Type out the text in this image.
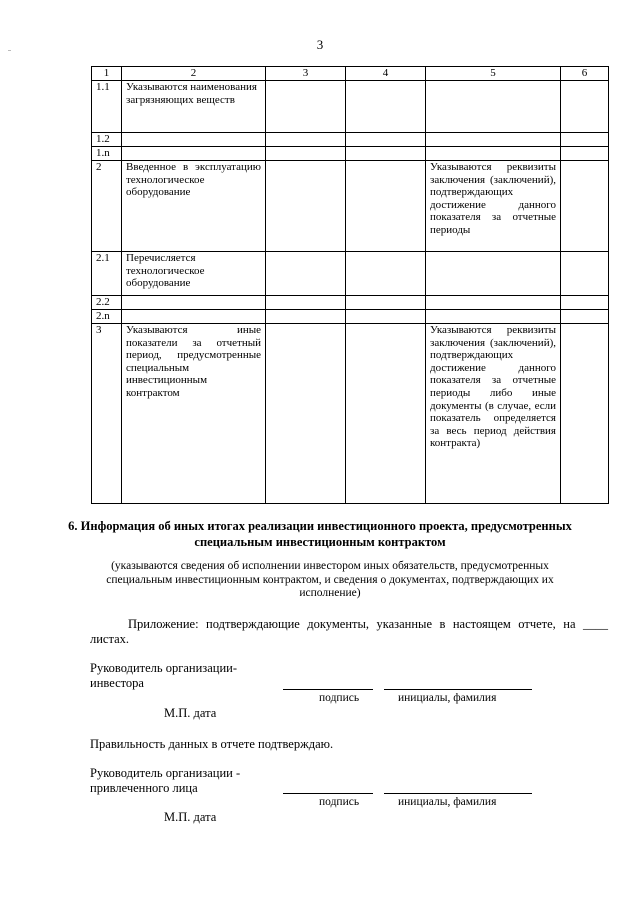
3
1	2	3	4	5	6
1.1	Указываются наименования загрязняющих веществ				
1.2					
1.n					
2	Введенное в эксплуатацию технологическое оборудование			Указываются реквизиты заключения (заключений), подтверждающих достижение данного показателя за отчетные периоды	
2.1	Перечисляется технологическое оборудование				
2.2					
2.n					
3	Указываются иные показатели за отчетный период, предусмотренные специальным инвестиционным контрактом			Указываются реквизиты заключения (заключений), подтверждающих достижение данного показателя за отчетные периоды либо иные документы (в случае, если показатель определяется за весь период действия контракта)	
6. Информация об иных итогах реализации инвестиционного проекта, предусмотренных специальным инвестиционным контрактом
(указываются сведения об исполнении инвестором иных обязательств, предусмотренных специальным инвестиционным контрактом, и сведения о документах, подтверждающих их исполнение)
Приложение: подтверждающие документы, указанные в настоящем отчете, на ____ листах.
Руководитель организации-
инвестора
подпись	инициалы, фамилия
М.П. дата
Правильность данных в отчете подтверждаю.
Руководитель организации -
привлеченного лица
подпись	инициалы, фамилия
М.П. дата
